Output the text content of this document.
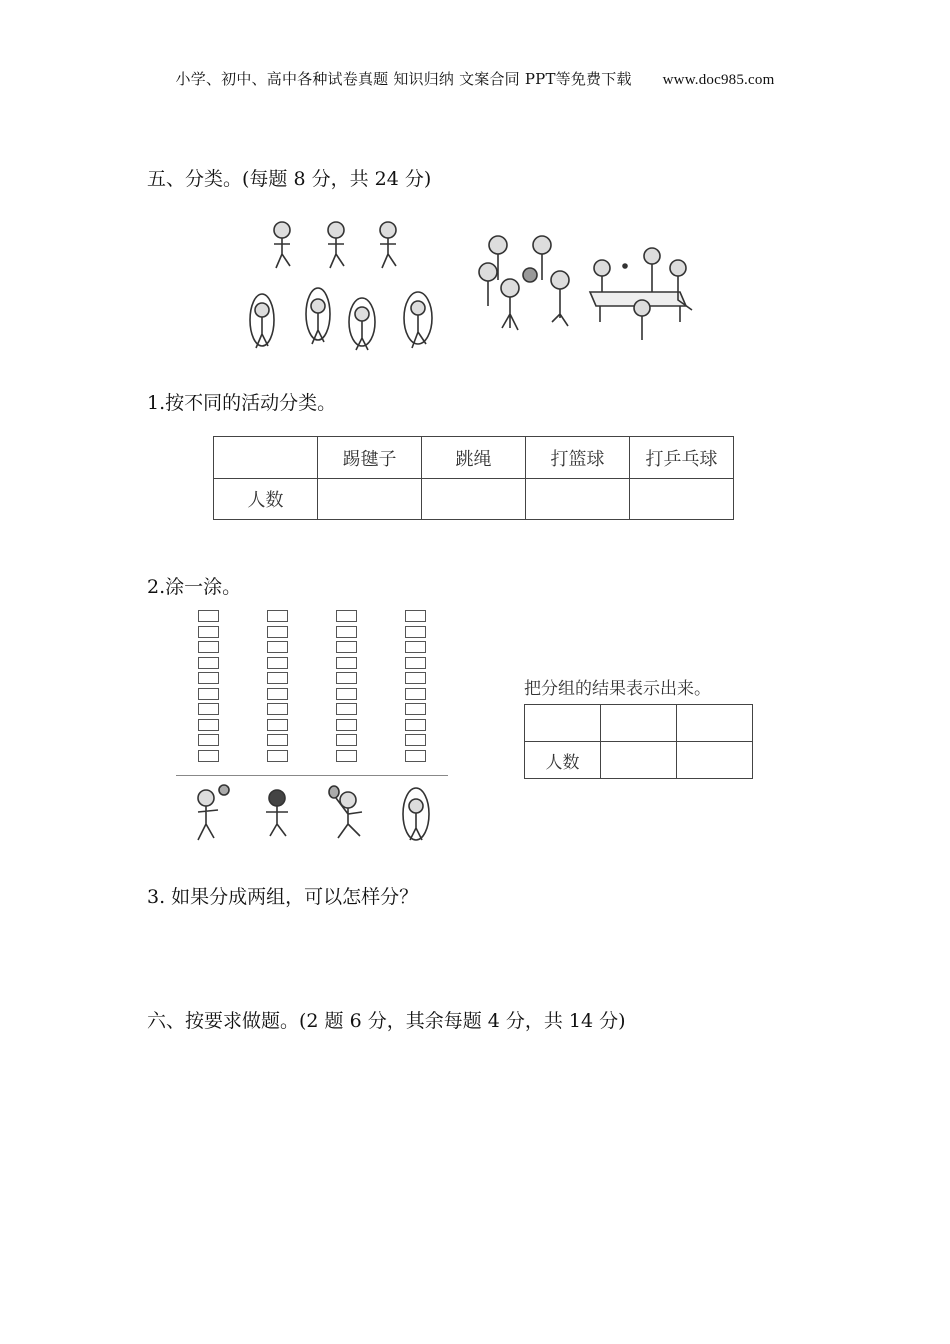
小学、初中、高中各种试卷真题 知识归纳 文案合同 PPT等免费下载 www.doc985.com
五、分类。(每题 8 分，共 24 分)
1.按不同的活动分类。
	踢毽子	跳绳	打篮球	打乒乓球
人数				
2.涂一涂。
把分组的结果表示出来。

人数		
3. 如果分成两组，可以怎样分？
六、按要求做题。(2 题 6 分，其余每题 4 分，共 14 分)
